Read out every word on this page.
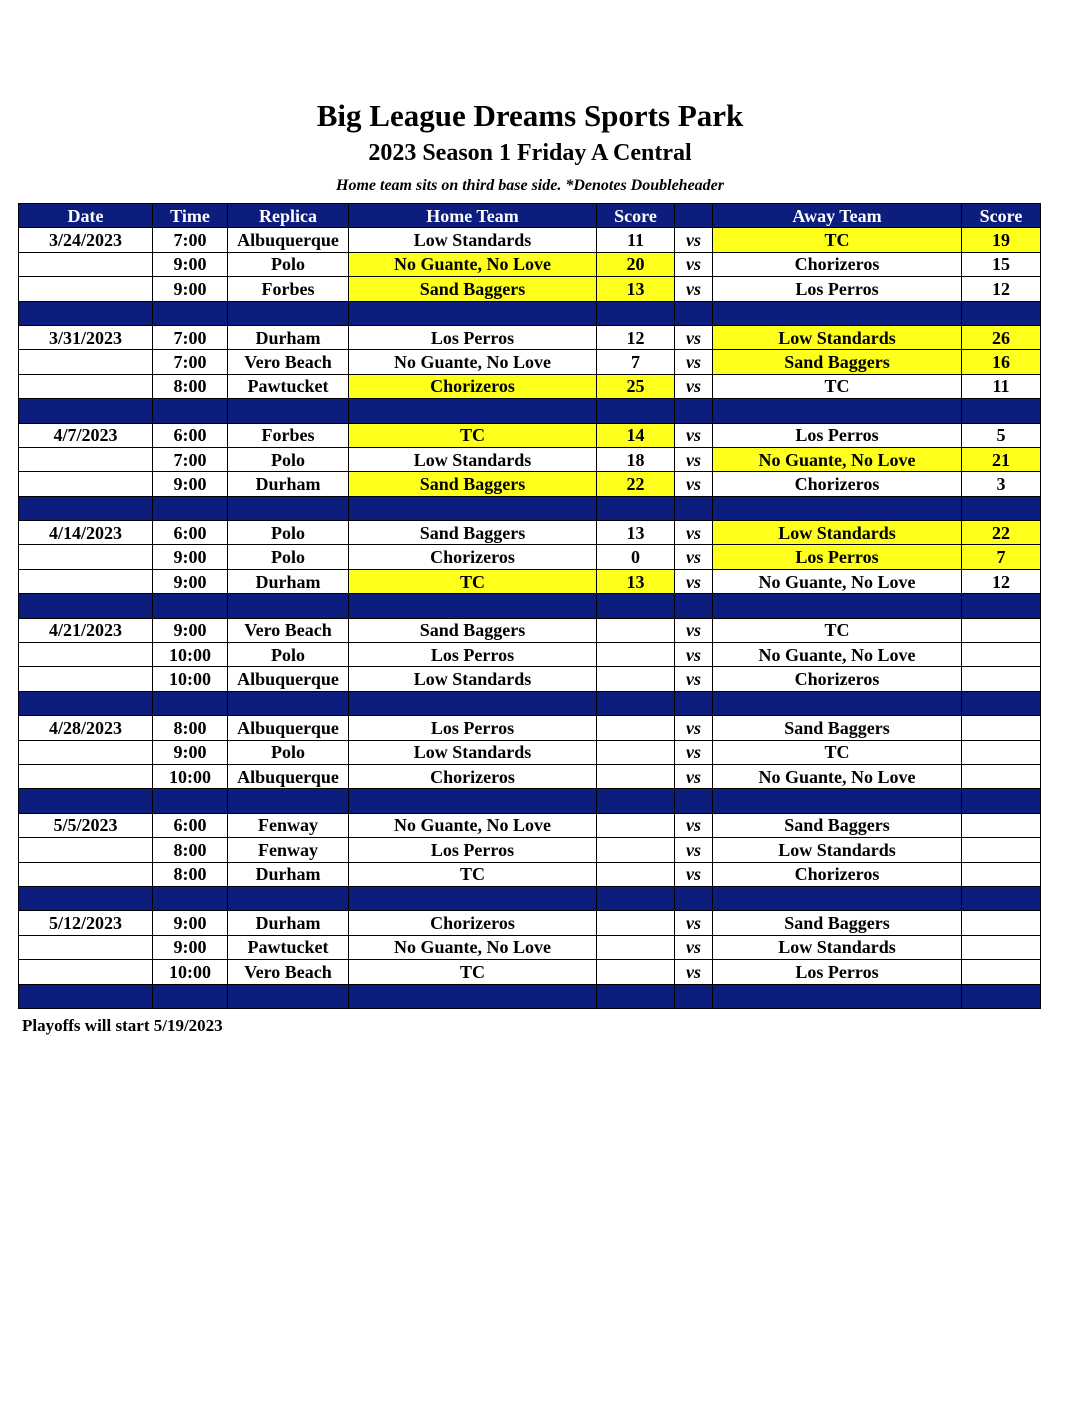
Big League Dreams Sports Park
2023 Season 1 Friday A Central
Home team sits on third base side. *Denotes Doubleheader
Date	Time	Replica	Home Team	Score		Away Team	Score
3/24/2023	7:00	Albuquerque	Low Standards	11	vs	TC	19
	9:00	Polo	No Guante, No Love	20	vs	Chorizeros	15
	9:00	Forbes	Sand Baggers	13	vs	Los Perros	12

3/31/2023	7:00	Durham	Los Perros	12	vs	Low Standards	26
	7:00	Vero Beach	No Guante, No Love	7	vs	Sand Baggers	16
	8:00	Pawtucket	Chorizeros	25	vs	TC	11

4/7/2023	6:00	Forbes	TC	14	vs	Los Perros	5
	7:00	Polo	Low Standards	18	vs	No Guante, No Love	21
	9:00	Durham	Sand Baggers	22	vs	Chorizeros	3

4/14/2023	6:00	Polo	Sand Baggers	13	vs	Low Standards	22
	9:00	Polo	Chorizeros	0	vs	Los Perros	7
	9:00	Durham	TC	13	vs	No Guante, No Love	12

4/21/2023	9:00	Vero Beach	Sand Baggers		vs	TC	
	10:00	Polo	Los Perros		vs	No Guante, No Love	
	10:00	Albuquerque	Low Standards		vs	Chorizeros	

4/28/2023	8:00	Albuquerque	Los Perros		vs	Sand Baggers	
	9:00	Polo	Low Standards		vs	TC	
	10:00	Albuquerque	Chorizeros		vs	No Guante, No Love	

5/5/2023	6:00	Fenway	No Guante, No Love		vs	Sand Baggers	
	8:00	Fenway	Los Perros		vs	Low Standards	
	8:00	Durham	TC		vs	Chorizeros	

5/12/2023	9:00	Durham	Chorizeros		vs	Sand Baggers	
	9:00	Pawtucket	No Guante, No Love		vs	Low Standards	
	10:00	Vero Beach	TC		vs	Los Perros	

Playoffs will start 5/19/2023
